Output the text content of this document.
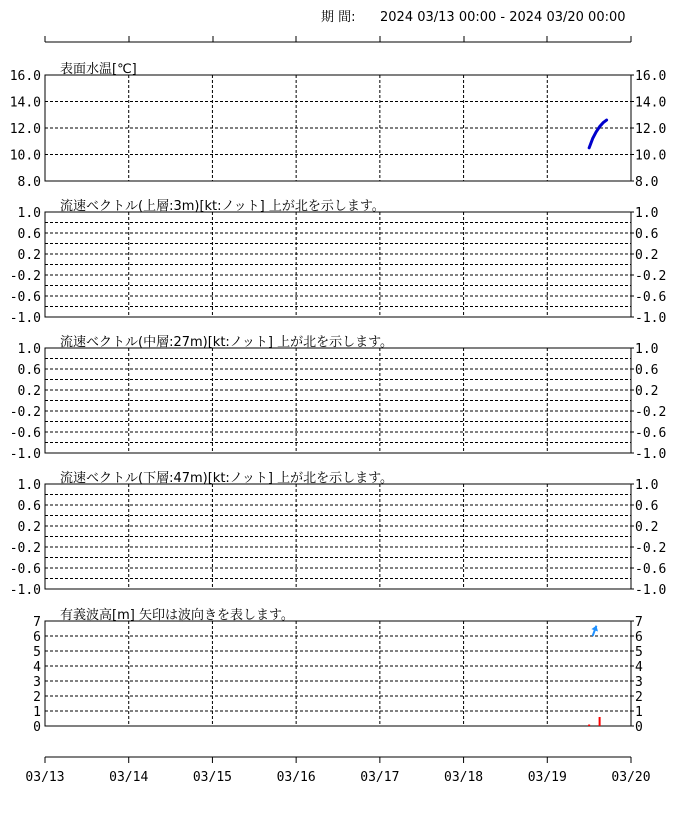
期 間: 2024 03/13 00:00 - 2024 03/20 00:00
16.0	16.0
14.0	14.0
12.0	12.0
10.0	10.0
8.0	8.0
表面水温[℃]
1.0	1.0
0.6	0.6
0.2	0.2
-0.2	-0.2
-0.6	-0.6
-1.0	-1.0
流速ベクトル(上層:3m)[kt:ノット] 上が北を示します。
1.0	1.0
0.6	0.6
0.2	0.2
-0.2	-0.2
-0.6	-0.6
-1.0	-1.0
流速ベクトル(中層:27m)[kt:ノット] 上が北を示します。
1.0	1.0
0.6	0.6
0.2	0.2
-0.2	-0.2
-0.6	-0.6
-1.0	-1.0
流速ベクトル(下層:47m)[kt:ノット] 上が北を示します。
7	7
6	6
5	5
4	4
3	3
2	2
1	1
0	0
有義波高[m] 矢印は波向きを表します。
03/13	03/14	03/15	03/16	03/17	03/18	03/19	03/20
